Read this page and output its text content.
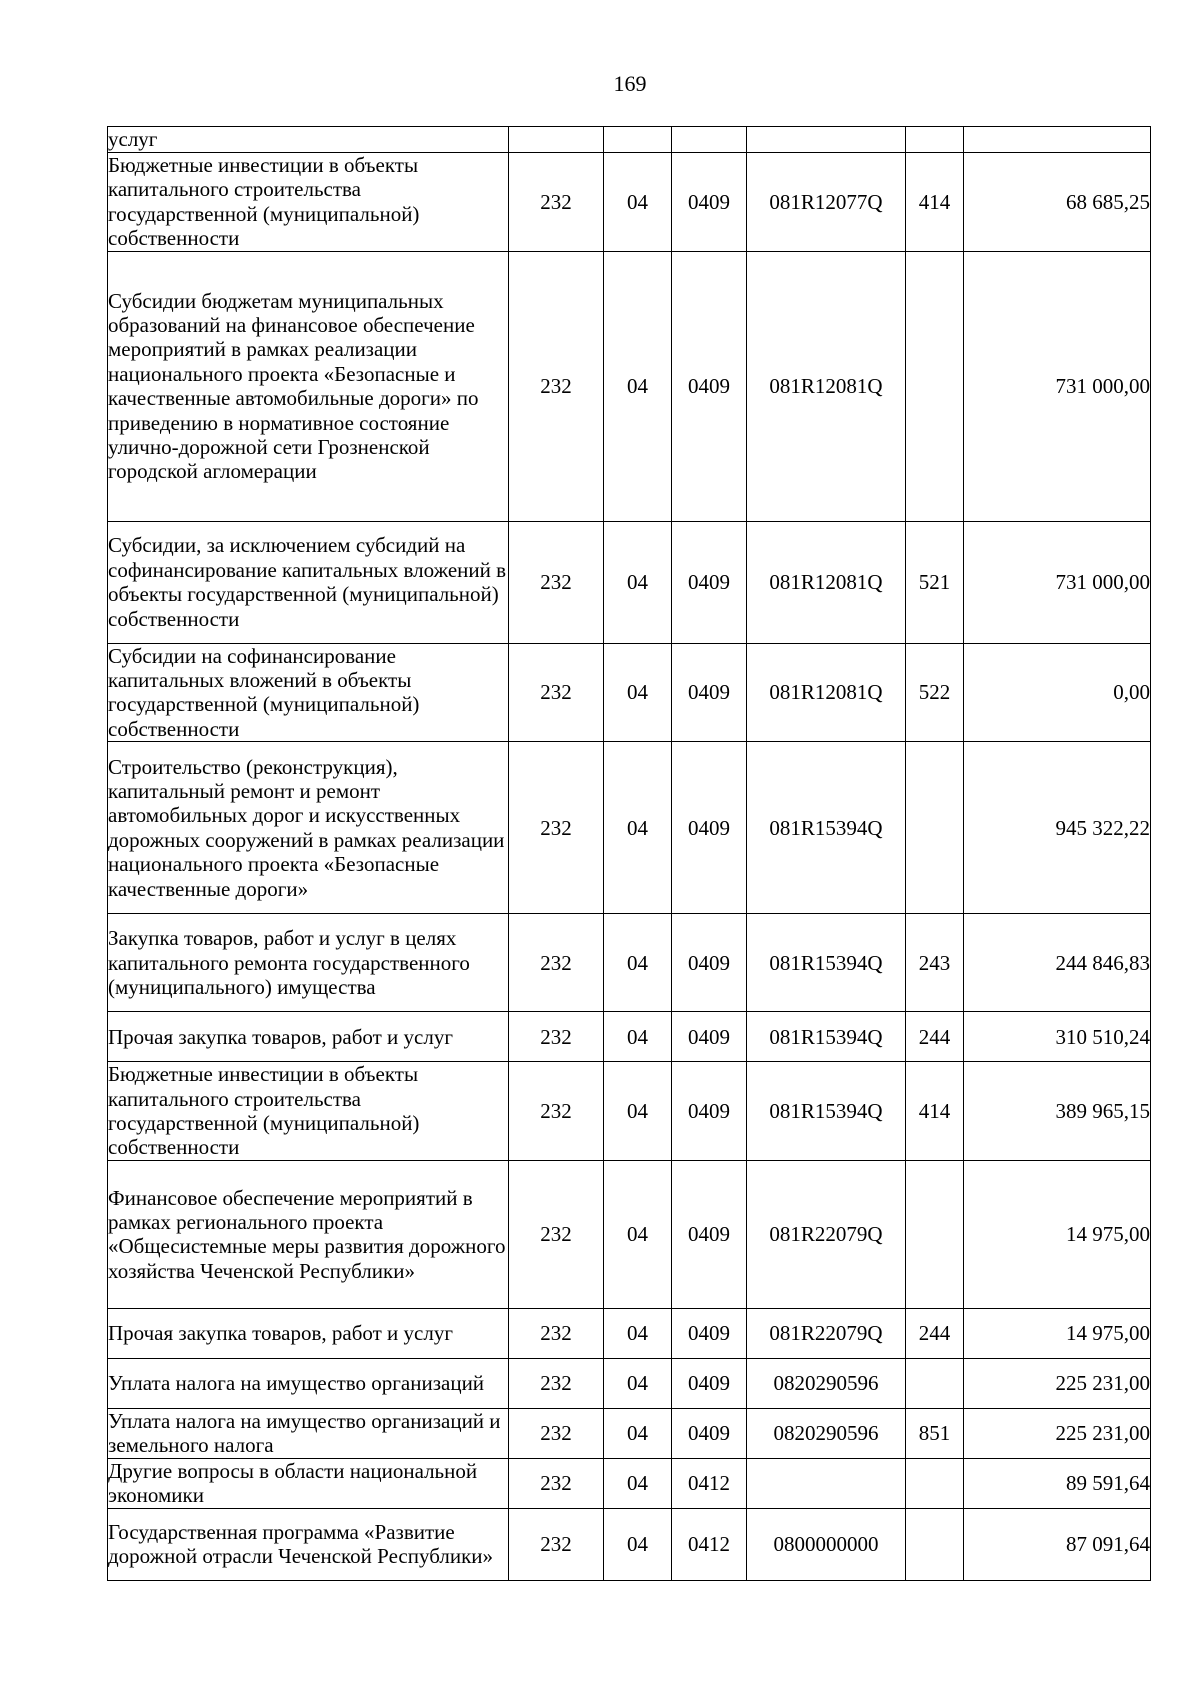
169
услуг						
Бюджетные инвестиции в объекты капитального строительства государственной (муниципальной) собственности	232	04	0409	081R12077Q	414	68 685,25
Субсидии бюджетам муниципальных образований на финансовое обеспечение мероприятий в рамках реализации национального проекта «Безопасные и качественные автомобильные дороги» по приведению в нормативное состояние улично-дорожной сети Грозненской городской агломерации	232	04	0409	081R12081Q		731 000,00
Субсидии, за исключением субсидий на софинансирование капитальных вложений в объекты государственной (муниципальной) собственности	232	04	0409	081R12081Q	521	731 000,00
Субсидии на софинансирование капитальных вложений в объекты государственной (муниципальной) собственности	232	04	0409	081R12081Q	522	0,00
Строительство (реконструкция), капитальный ремонт и ремонт автомобильных дорог и искусственных дорожных сооружений в рамках реализации национального проекта «Безопасные качественные дороги»	232	04	0409	081R15394Q		945 322,22
Закупка товаров, работ и услуг в целях капитального ремонта государственного (муниципального) имущества	232	04	0409	081R15394Q	243	244 846,83
Прочая закупка товаров, работ и услуг	232	04	0409	081R15394Q	244	310 510,24
Бюджетные инвестиции в объекты капитального строительства государственной (муниципальной) собственности	232	04	0409	081R15394Q	414	389 965,15
Финансовое обеспечение мероприятий в рамках регионального проекта «Общесистемные меры развития дорожного хозяйства Чеченской Республики»	232	04	0409	081R22079Q		14 975,00
Прочая закупка товаров, работ и услуг	232	04	0409	081R22079Q	244	14 975,00
Уплата налога на имущество организаций	232	04	0409	0820290596		225 231,00
Уплата налога на имущество организаций и земельного налога	232	04	0409	0820290596	851	225 231,00
Другие вопросы в области национальной экономики	232	04	0412			89 591,64
Государственная программа «Развитие дорожной отрасли Чеченской Республики»	232	04	0412	0800000000		87 091,64
